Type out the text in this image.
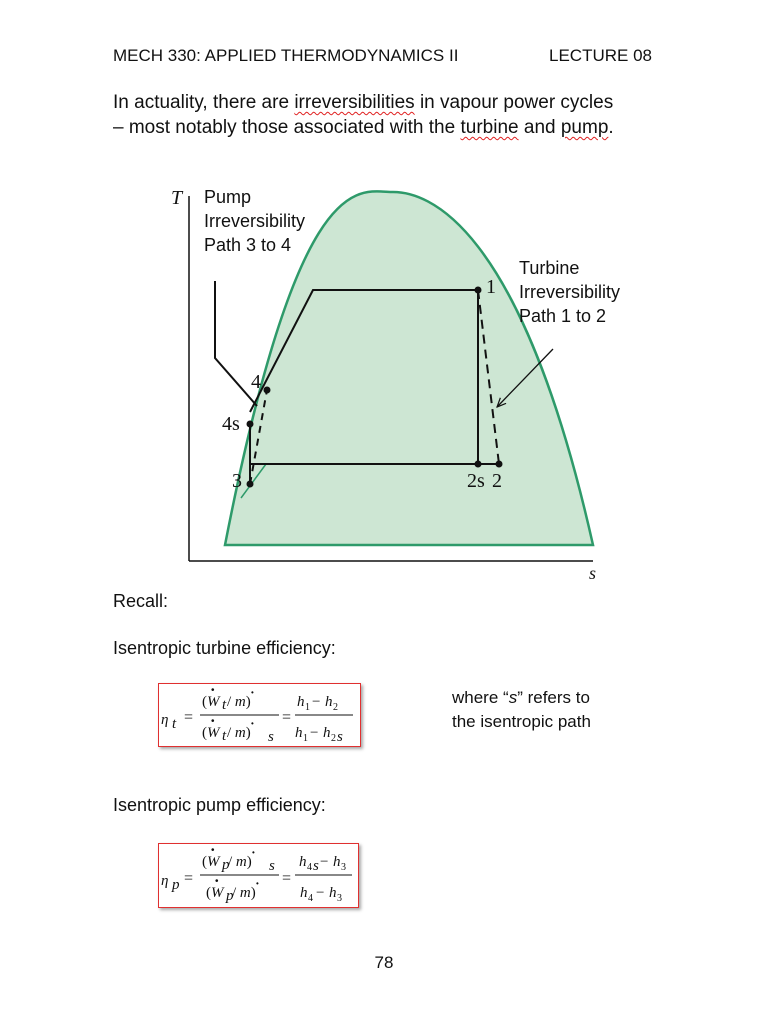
MECH 330: APPLIED THERMODYNAMICS II	LECTURE 08
In actuality, there are irreversibilities in vapour power cycles
– most notably those associated with the turbine and pump.
T
s
Pump
Irreversibility
Path 3 to 4
Turbine
Irreversibility
Path 1 to 2
1
4
4s
3	2s 2
Recall:
Isentropic turbine efficiency:
η t =
(W
•
t / m)
•
(W
•
t / m)
•
s
=
h 1 − h 2
h 1 − h 2 s
where “s” refers to
the isentropic path
Isentropic pump efficiency:
η p =
(W
•
p
/ m)
•
s
(W
•
p
/ m)
• =
h 4 s − h 3
h 4 − h 3
78
